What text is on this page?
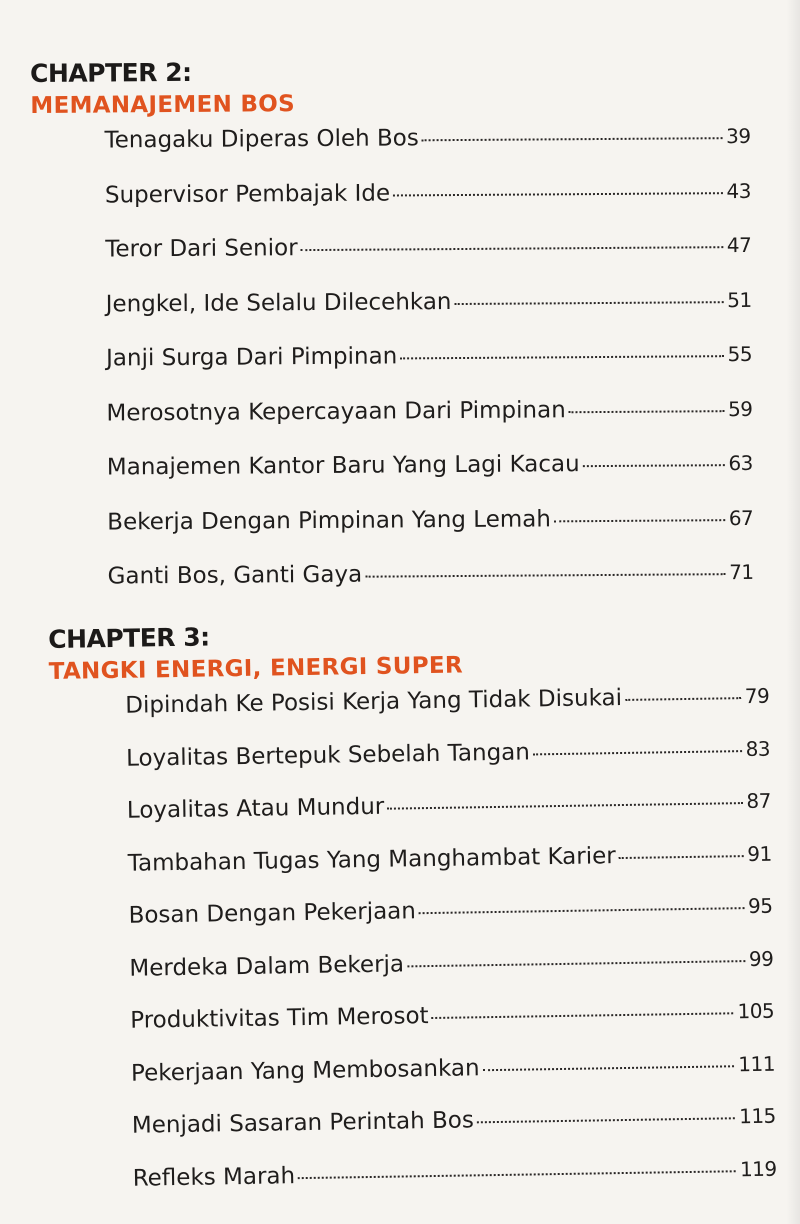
CHAPTER 2:
MEMANAJEMEN BOS
Tenagaku Diperas Oleh Bos	39
Supervisor Pembajak Ide	43
Teror Dari Senior	47
Jengkel, Ide Selalu Dilecehkan	51
Janji Surga Dari Pimpinan	55
Merosotnya Kepercayaan Dari Pimpinan	59
Manajemen Kantor Baru Yang Lagi Kacau	63
Bekerja Dengan Pimpinan Yang Lemah	67
Ganti Bos, Ganti Gaya	71
CHAPTER 3:
TANGKI ENERGI, ENERGI SUPER
Dipindah Ke Posisi Kerja Yang Tidak Disukai	79
Loyalitas Bertepuk Sebelah Tangan	83
Loyalitas Atau Mundur	87
Tambahan Tugas Yang Manghambat Karier	91
Bosan Dengan Pekerjaan	95
Merdeka Dalam Bekerja	99
Produktivitas Tim Merosot	105
Pekerjaan Yang Membosankan	111
Menjadi Sasaran Perintah Bos	115
Refleks Marah	119
